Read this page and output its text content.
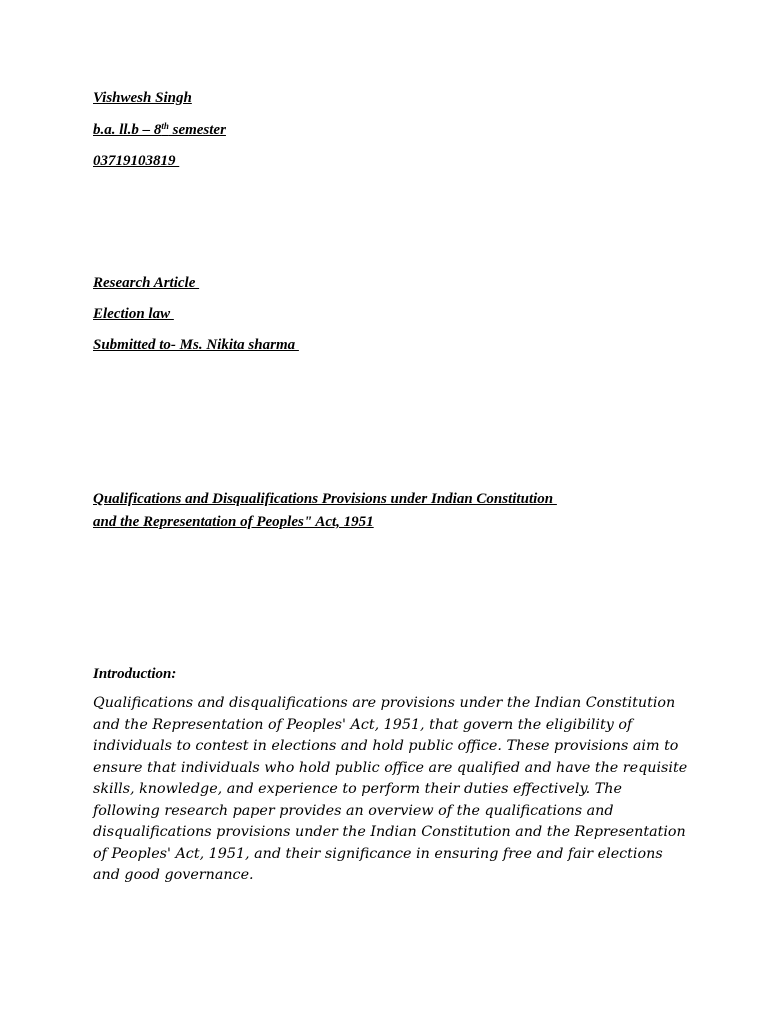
Vishwesh Singh
b.a. ll.b – 8th semester
03719103819
Research Article
Election law
Submitted to- Ms. Nikita sharma
Qualifications and Disqualifications Provisions under Indian Constitution
and the Representation of Peoples" Act, 1951
Introduction:

Qualifications and disqualifications are provisions under the Indian Constitution and the Representation of Peoples' Act, 1951, that govern the eligibility of individuals to contest in elections and hold public office. These provisions aim to ensure that individuals who hold public office are qualified and have the requisite skills, knowledge, and experience to perform their duties effectively. The following research paper provides an overview of the qualifications and disqualifications provisions under the Indian Constitution and the Representation of Peoples' Act, 1951, and their significance in ensuring free and fair elections and good governance.
